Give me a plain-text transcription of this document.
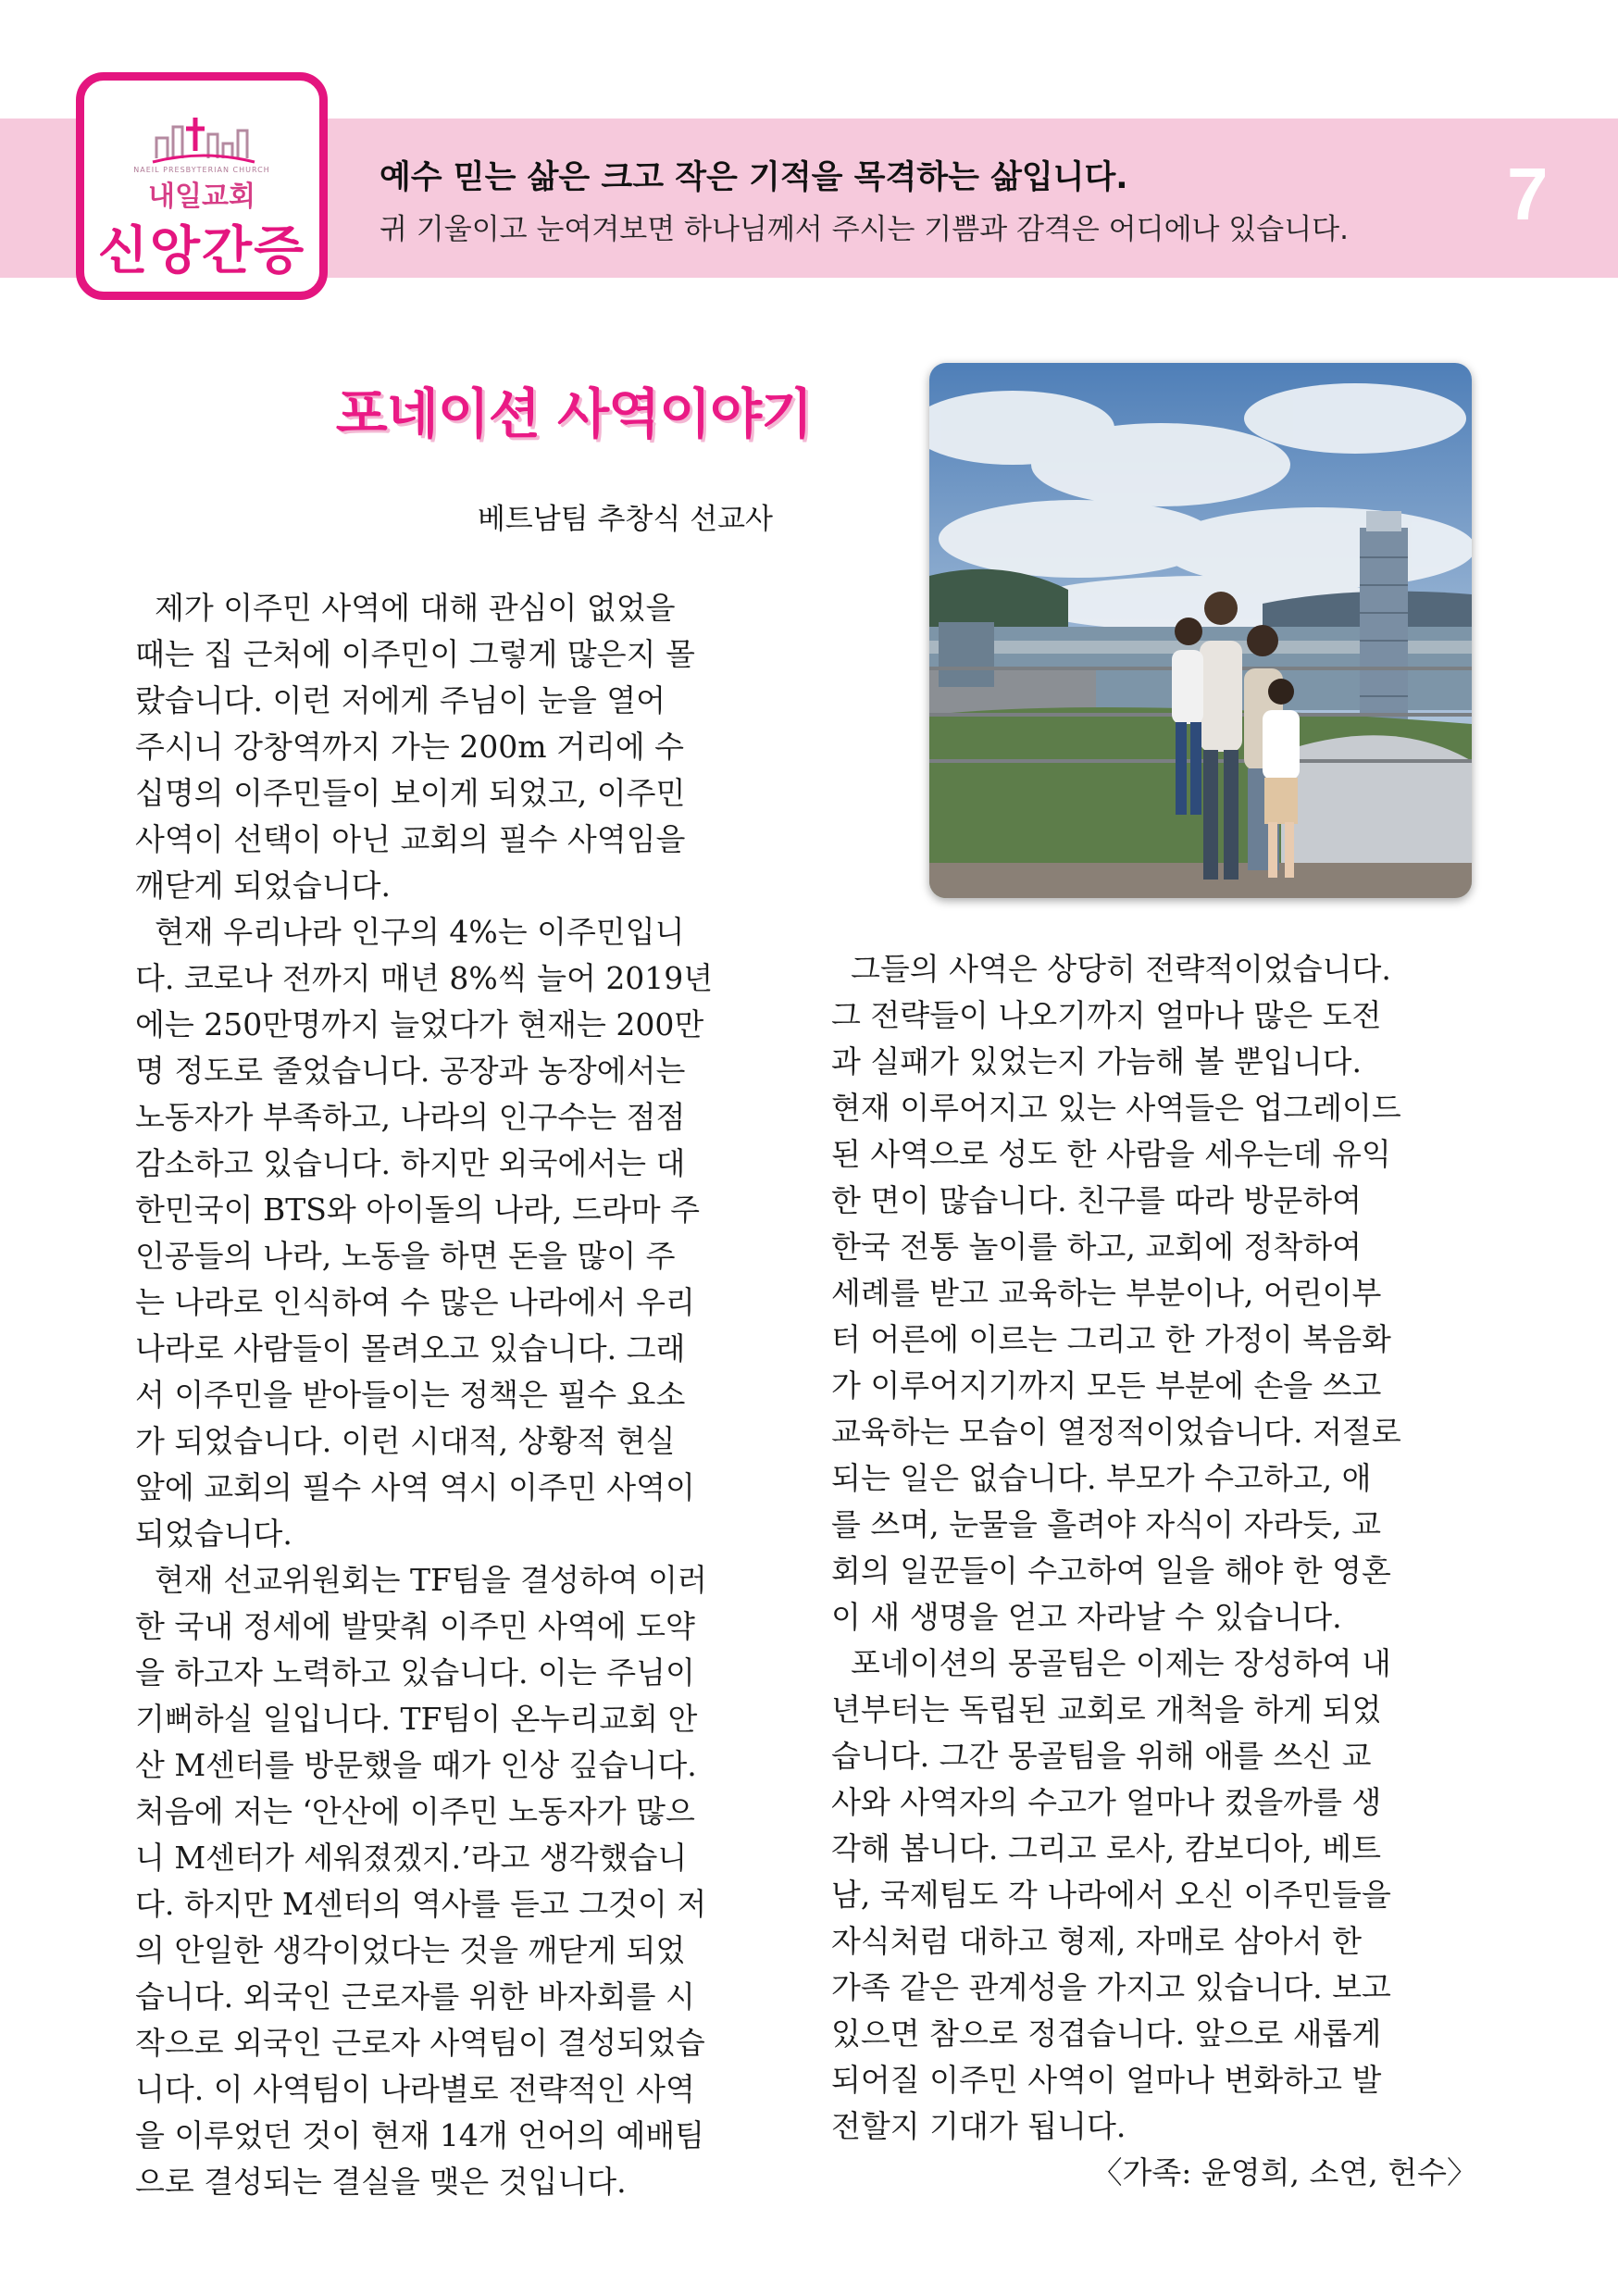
NAEIL PRESBYTERIAN CHURCH
내일교회
신앙간증
예수 믿는 삶은 크고 작은 기적을 목격하는 삶입니다.
귀 기울이고 눈여겨보면 하나님께서 주시는 기쁨과 감격은 어디에나 있습니다. 7
포네이션 사역이야기
베트남팀 추창식 선교사

제가 이주민 사역에 대해 관심이 없었을

때는 집 근처에 이주민이 그렇게 많은지 몰

랐습니다. 이런 저에게 주님이 눈을 열어

주시니 강창역까지 가는 200m 거리에 수

십명의 이주민들이 보이게 되었고, 이주민

사역이 선택이 아닌 교회의 필수 사역임을

깨닫게 되었습니다.

현재 우리나라 인구의 4%는 이주민입니

다. 코로나 전까지 매년 8%씩 늘어 2019년

에는 250만명까지 늘었다가 현재는 200만

명 정도로 줄었습니다. 공장과 농장에서는

노동자가 부족하고, 나라의 인구수는 점점

감소하고 있습니다. 하지만 외국에서는 대

한민국이 BTS와 아이돌의 나라, 드라마 주

인공들의 나라, 노동을 하면 돈을 많이 주

는 나라로 인식하여 수 많은 나라에서 우리

나라로 사람들이 몰려오고 있습니다. 그래

서 이주민을 받아들이는 정책은 필수 요소

가 되었습니다. 이런 시대적, 상황적 현실

앞에 교회의 필수 사역 역시 이주민 사역이

되었습니다.

현재 선교위원회는 TF팀을 결성하여 이러

한 국내 정세에 발맞춰 이주민 사역에 도약

을 하고자 노력하고 있습니다. 이는 주님이

기뻐하실 일입니다. TF팀이 온누리교회 안

산 M센터를 방문했을 때가 인상 깊습니다.

처음에 저는 ‘안산에 이주민 노동자가 많으

니 M센터가 세워졌겠지.’라고 생각했습니

다. 하지만 M센터의 역사를 듣고 그것이 저

의 안일한 생각이었다는 것을 깨닫게 되었

습니다. 외국인 근로자를 위한 바자회를 시

작으로 외국인 근로자 사역팀이 결성되었습

니다. 이 사역팀이 나라별로 전략적인 사역

을 이루었던 것이 현재 14개 언어의 예배팀

으로 결성되는 결실을 맺은 것입니다.

그들의 사역은 상당히 전략적이었습니다.

그 전략들이 나오기까지 얼마나 많은 도전

과 실패가 있었는지 가늠해 볼 뿐입니다.

현재 이루어지고 있는 사역들은 업그레이드

된 사역으로 성도 한 사람을 세우는데 유익

한 면이 많습니다. 친구를 따라 방문하여

한국 전통 놀이를 하고, 교회에 정착하여

세례를 받고 교육하는 부분이나, 어린이부

터 어른에 이르는 그리고 한 가정이 복음화

가 이루어지기까지 모든 부분에 손을 쓰고

교육하는 모습이 열정적이었습니다. 저절로

되는 일은 없습니다. 부모가 수고하고, 애

를 쓰며, 눈물을 흘려야 자식이 자라듯, 교

회의 일꾼들이 수고하여 일을 해야 한 영혼

이 새 생명을 얻고 자라날 수 있습니다.

포네이션의 몽골팀은 이제는 장성하여 내

년부터는 독립된 교회로 개척을 하게 되었

습니다. 그간 몽골팀을 위해 애를 쓰신 교

사와 사역자의 수고가 얼마나 컸을까를 생

각해 봅니다. 그리고 로사, 캄보디아, 베트

남, 국제팀도 각 나라에서 오신 이주민들을

자식처럼 대하고 형제, 자매로 삼아서 한

가족 같은 관계성을 가지고 있습니다. 보고

있으면 참으로 정겹습니다. 앞으로 새롭게

되어질 이주민 사역이 얼마나 변화하고 발

전할지 기대가 됩니다.

〈가족: 윤영희, 소연, 헌수〉
